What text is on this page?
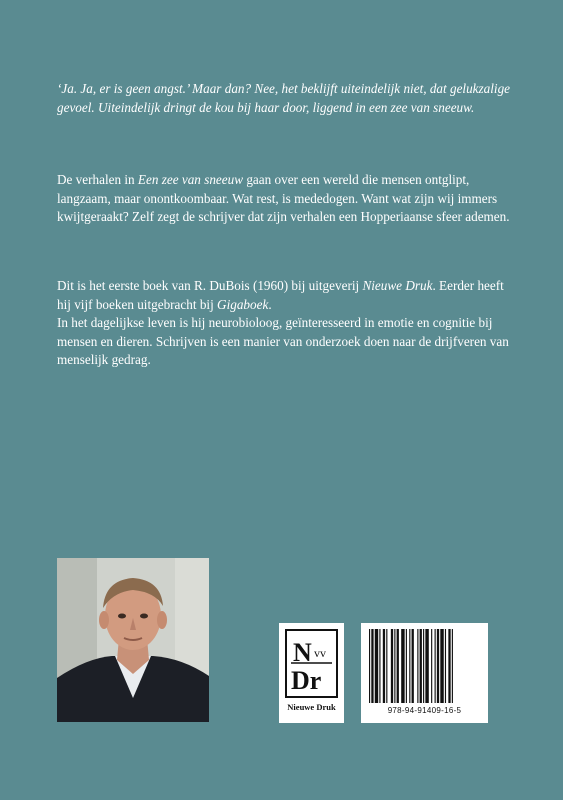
‘Ja. Ja, er is geen angst.’ Maar dan? Nee, het beklijft uiteindelijk niet, dat gelukzalige gevoel. Uiteindelijk dringt de kou bij haar door, liggend in een zee van sneeuw.

De verhalen in Een zee van sneeuw gaan over een wereld die mensen ontglipt, langzaam, maar onontkoombaar. Wat rest, is mededogen. Want wat zijn wij immers kwijtgeraakt? Zelf zegt de schrijver dat zijn verhalen een Hopperiaanse sfeer ademen.

Dit is het eerste boek van R. DuBois (1960) bij uitgeverij Nieuwe Druk. Eerder heeft hij vijf boeken uitgebracht bij Gigaboek.

In het dagelijkse leven is hij neurobioloog, geïnteresseerd in emotie en cognitie bij mensen en dieren. Schrijven is een manier van onderzoek doen naar de drijfveren van menselijk gedrag.

N vv
Dr
Nieuwe Druk	978-94-91409-16-5
